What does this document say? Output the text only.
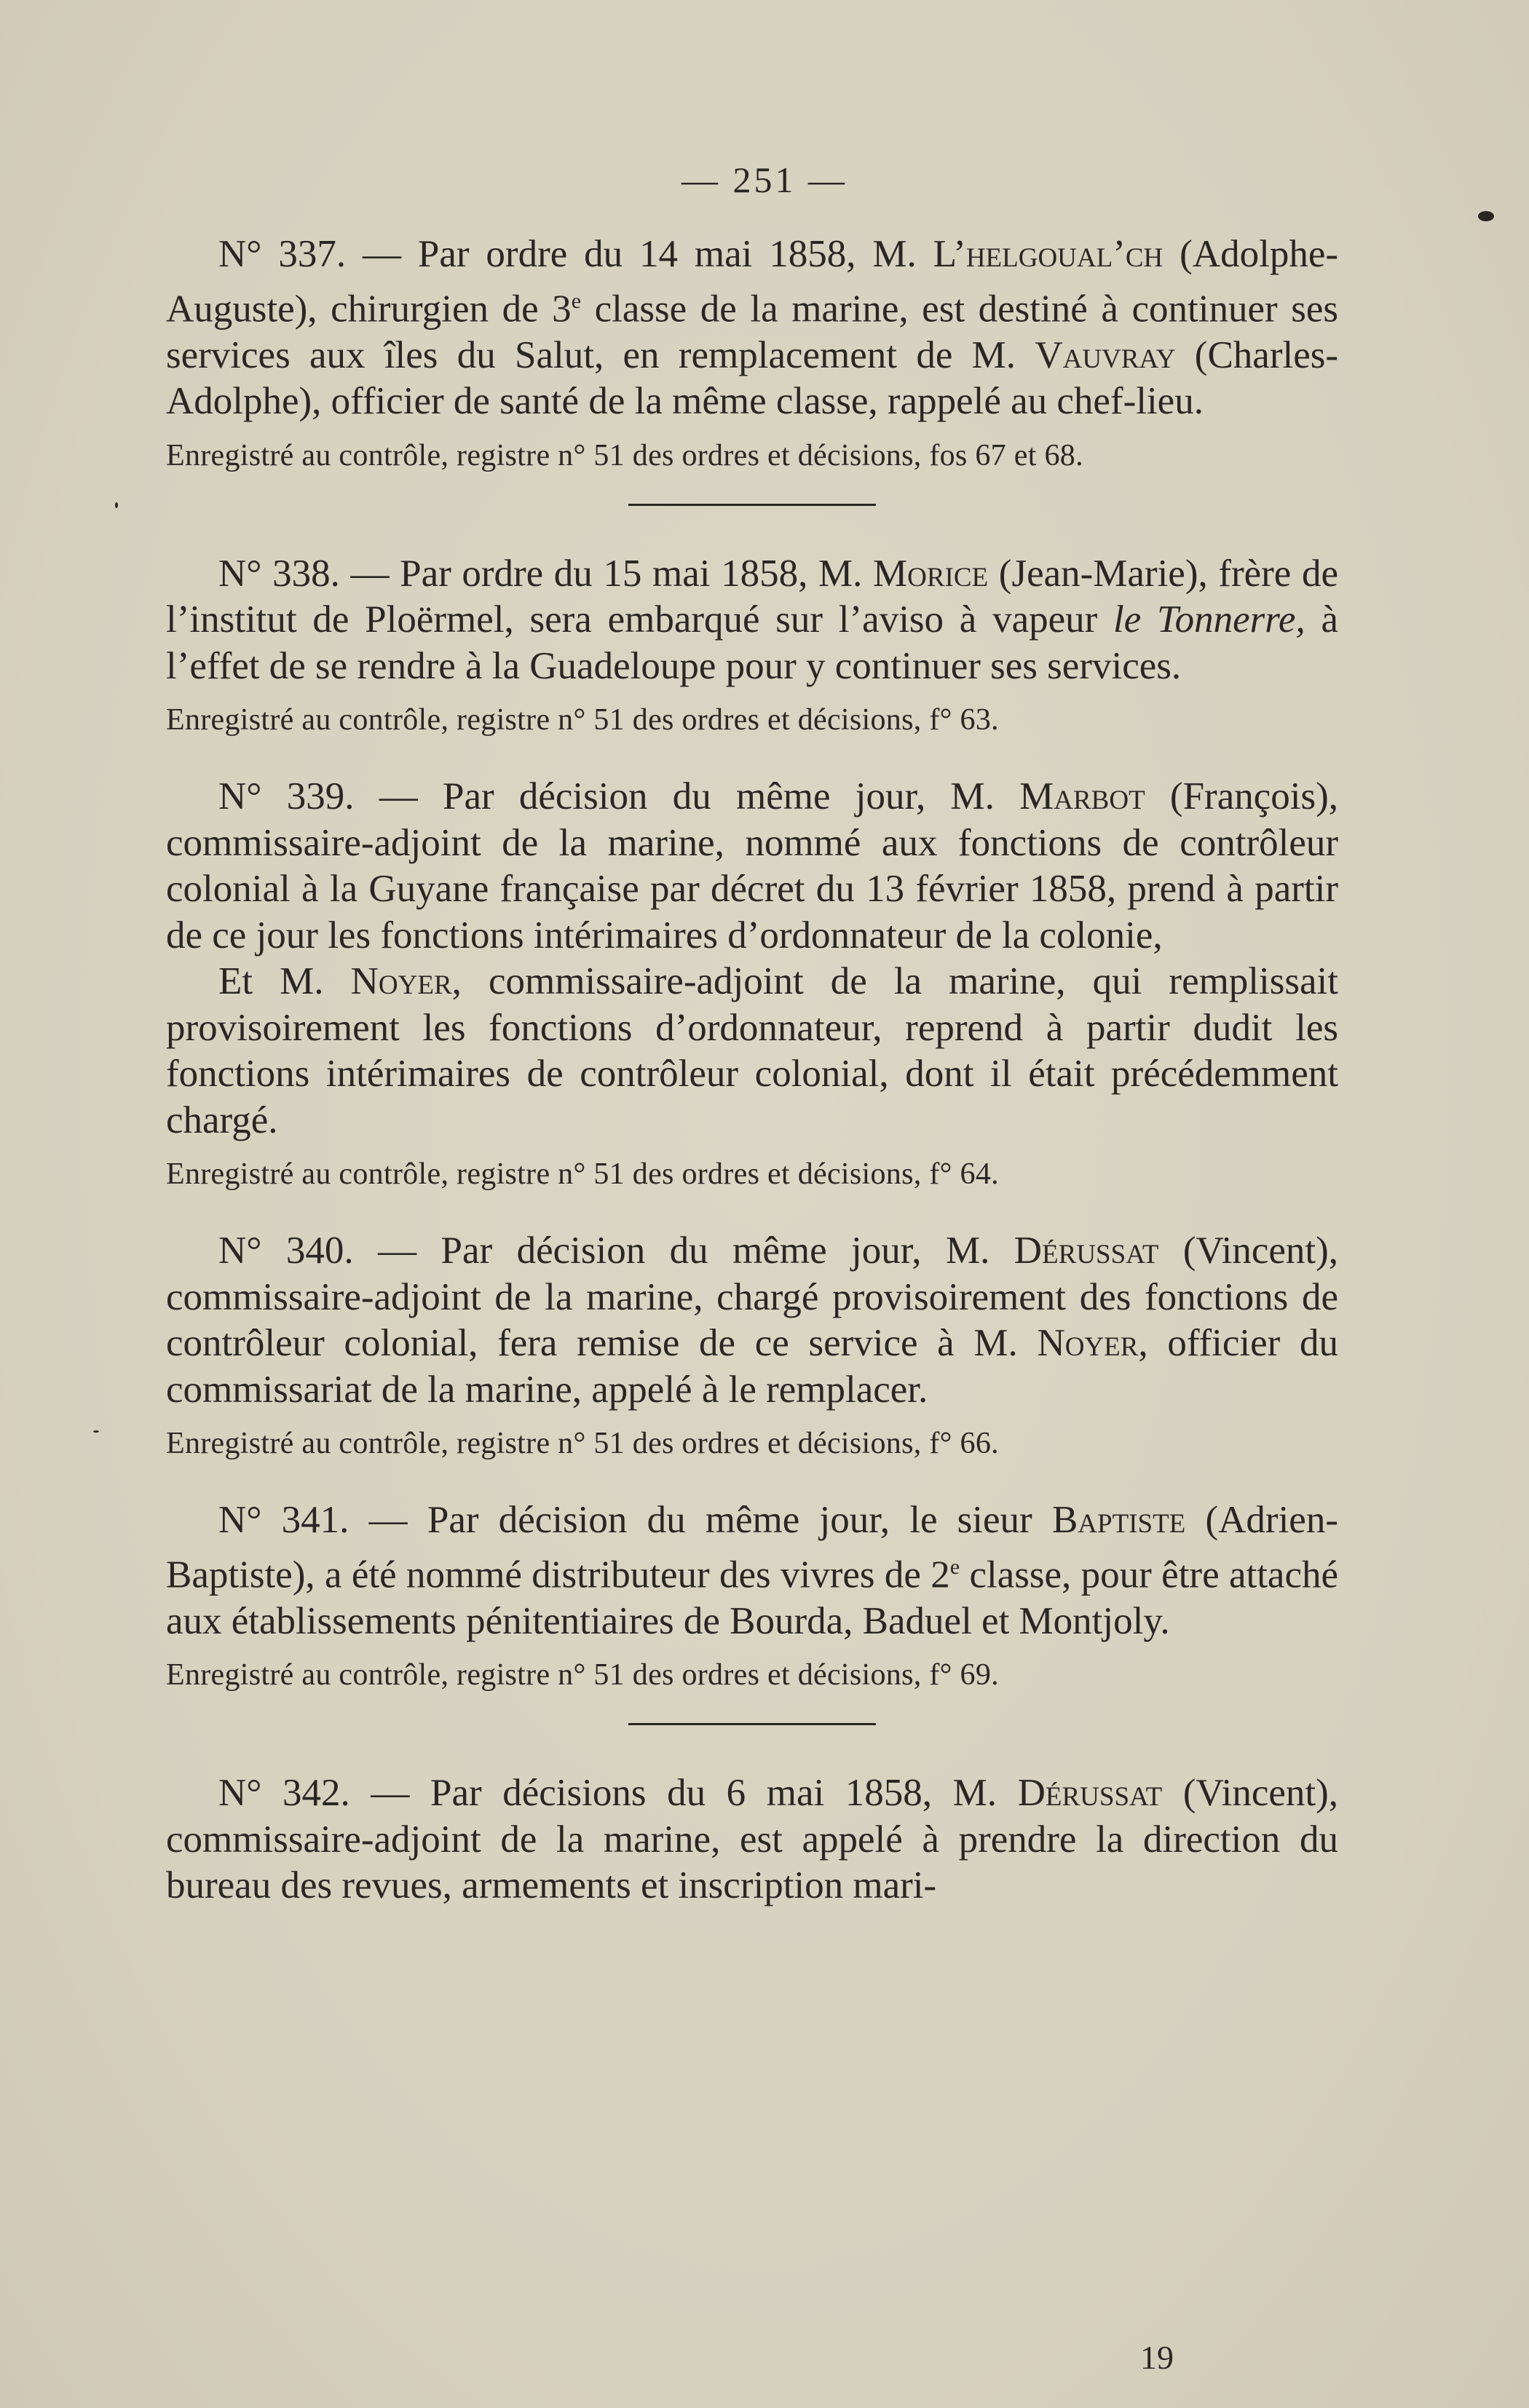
— 251 —

N° 337. — Par ordre du 14 mai 1858, M. L’helgoual’ch (Adolphe-Auguste), chirurgien de 3e classe de la marine, est destiné à continuer ses services aux îles du Salut, en remplacement de M. Vauvray (Charles-Adolphe), officier de santé de la même classe, rappelé au chef-lieu.

Enregistré au contrôle, registre n° 51 des ordres et décisions, fos 67 et 68.

N° 338. — Par ordre du 15 mai 1858, M. Morice (Jean-Marie), frère de l’institut de Ploërmel, sera embarqué sur l’aviso à vapeur le Tonnerre, à l’effet de se rendre à la Guadeloupe pour y continuer ses services.

Enregistré au contrôle, registre n° 51 des ordres et décisions, f° 63.

N° 339. — Par décision du même jour, M. Marbot (François), commissaire-adjoint de la marine, nommé aux fonctions de contrôleur colonial à la Guyane française par décret du 13 février 1858, prend à partir de ce jour les fonctions intérimaires d’ordonnateur de la colonie,

Et M. Noyer, commissaire-adjoint de la marine, qui remplissait provisoirement les fonctions d’ordonnateur, reprend à partir dudit les fonctions intérimaires de contrôleur colonial, dont il était précédemment chargé.

Enregistré au contrôle, registre n° 51 des ordres et décisions, f° 64.

N° 340. — Par décision du même jour, M. Dérussat (Vincent), commissaire-adjoint de la marine, chargé provisoirement des fonctions de contrôleur colonial, fera remise de ce service à M. Noyer, officier du commissariat de la marine, appelé à le remplacer.

Enregistré au contrôle, registre n° 51 des ordres et décisions, f° 66.

N° 341. — Par décision du même jour, le sieur Baptiste (Adrien-Baptiste), a été nommé distributeur des vivres de 2e classe, pour être attaché aux établissements pénitentiaires de Bourda, Baduel et Montjoly.

Enregistré au contrôle, registre n° 51 des ordres et décisions, f° 69.

N° 342. — Par décisions du 6 mai 1858, M. Dérussat (Vincent), commissaire-adjoint de la marine, est appelé à prendre la direction du bureau des revues, armements et inscription mari-

19
